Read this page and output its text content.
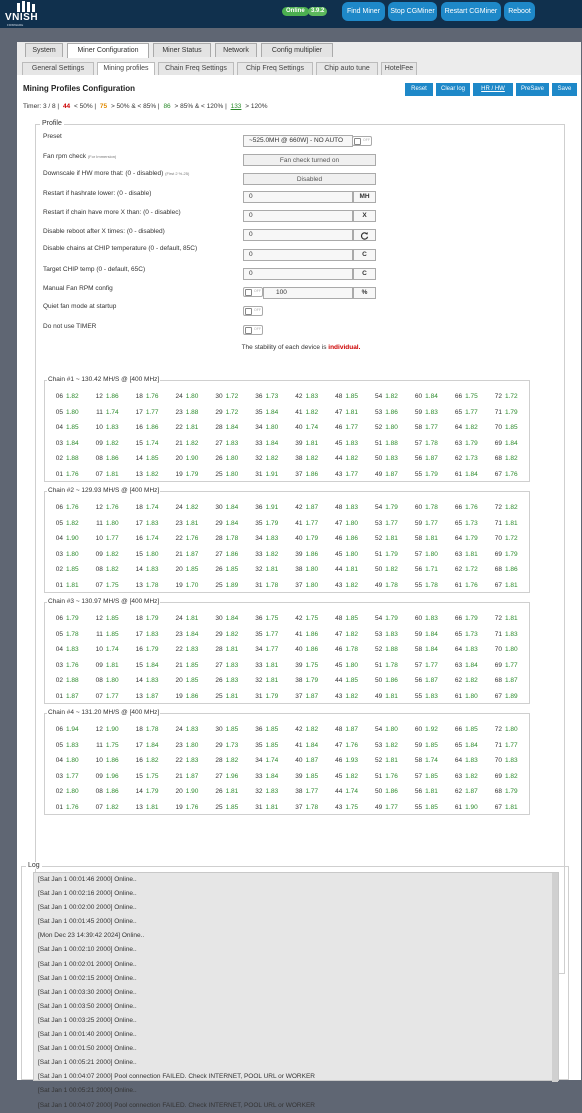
VNISH
FIRMWARE
Online	3.9.2	Find Miner	Stop CGMiner	Restart CGMiner	Reboot
System	Miner Configuration	Miner Status	Network	Config multiplier
General Settings	Mining profiles	Chain Freq Settings	Chip Freq Settings	Chip auto tune	HotelFee
Mining Profiles Configuration	Reset	Clear log	HR / HW	PreSave	Save
Timer: 3 / 8 | 44 < 50% | 75 > 50% & < 85% | 86 > 85% & < 120% | 133 > 120%
Profile
Preset
~525.0MH @ 660W] - NO AUTO	OFF
Fan rpm check (For Immersion)
Fan check turned on
Downscale if HW more that: (0 - disabled) (First 2 %-25)
Disabled
Restart if hashrate lower: (0 - disable)	0	MH
Restart if chain have more X than: (0 - disablec)	0	X
Disable reboot after X times: (0 - disabled)	0
Disable chains at CHIP temperature (0 - default, 85C)
0	C
Target CHIP temp (0 - default, 65C)
0	C
Manual Fan RPM config	OFF	100	%
Quiet fan mode at startup	OFF
Do not use TIMER	OFF
The stability of each device is individual.
Chain #1 ~ 130.42 MH/S @ [400 MHz]
06 1.82	12 1.86	18 1.76	24 1.80	30 1.72	36 1.73	42 1.83	48 1.85	54 1.82	60 1.84	66 1.75	72 1.72
05 1.80	11 1.74	17 1.77	23 1.88	29 1.72	35 1.84	41 1.82	47 1.81	53 1.86	59 1.83	65 1.77	71 1.79
04 1.85	10 1.83	16 1.86	22 1.81	28 1.84	34 1.80	40 1.74	46 1.77	52 1.80	58 1.77	64 1.82	70 1.85
03 1.84	09 1.82	15 1.74	21 1.82	27 1.83	33 1.84	39 1.81	45 1.83	51 1.88	57 1.78	63 1.79	69 1.84
02 1.88	08 1.86	14 1.85	20 1.90	26 1.80	32 1.82	38 1.82	44 1.82	50 1.83	56 1.87	62 1.73	68 1.82
01 1.76	07 1.81	13 1.82	19 1.79	25 1.80	31 1.91	37 1.86	43 1.77	49 1.87	55 1.79	61 1.84	67 1.76
Chain #2 ~ 129.93 MH/S @ [400 MHz]
06 1.76	12 1.76	18 1.74	24 1.82	30 1.84	36 1.91	42 1.87	48 1.83	54 1.79	60 1.78	66 1.76	72 1.82
05 1.82	11 1.80	17 1.83	23 1.81	29 1.84	35 1.79	41 1.77	47 1.80	53 1.77	59 1.77	65 1.73	71 1.81
04 1.90	10 1.77	16 1.74	22 1.76	28 1.78	34 1.83	40 1.79	46 1.86	52 1.81	58 1.81	64 1.79	70 1.72
03 1.80	09 1.82	15 1.80	21 1.87	27 1.86	33 1.82	39 1.86	45 1.80	51 1.79	57 1.80	63 1.81	69 1.79
02 1.85	08 1.82	14 1.83	20 1.85	26 1.85	32 1.81	38 1.80	44 1.81	50 1.82	56 1.71	62 1.72	68 1.86
01 1.81	07 1.75	13 1.78	19 1.70	25 1.89	31 1.78	37 1.80	43 1.82	49 1.78	55 1.78	61 1.76	67 1.81
Chain #3 ~ 130.97 MH/S @ [400 MHz]
06 1.79	12 1.85	18 1.79	24 1.81	30 1.84	36 1.75	42 1.75	48 1.85	54 1.79	60 1.83	66 1.79	72 1.81
05 1.78	11 1.85	17 1.83	23 1.84	29 1.82	35 1.77	41 1.86	47 1.82	53 1.83	59 1.84	65 1.73	71 1.83
04 1.83	10 1.74	16 1.79	22 1.83	28 1.81	34 1.77	40 1.86	46 1.78	52 1.88	58 1.84	64 1.83	70 1.80
03 1.76	09 1.81	15 1.84	21 1.85	27 1.83	33 1.81	39 1.75	45 1.80	51 1.78	57 1.77	63 1.84	69 1.77
02 1.88	08 1.80	14 1.83	20 1.85	26 1.83	32 1.81	38 1.79	44 1.85	50 1.86	56 1.87	62 1.82	68 1.87
01 1.87	07 1.77	13 1.87	19 1.86	25 1.81	31 1.79	37 1.87	43 1.82	49 1.81	55 1.83	61 1.80	67 1.89
Chain #4 ~ 131.20 MH/S @ [400 MHz]
06 1.94	12 1.90	18 1.78	24 1.83	30 1.85	36 1.85	42 1.82	48 1.87	54 1.80	60 1.92	66 1.85	72 1.80
05 1.83	11 1.75	17 1.84	23 1.80	29 1.73	35 1.85	41 1.84	47 1.76	53 1.82	59 1.85	65 1.84	71 1.77
04 1.80	10 1.86	16 1.82	22 1.83	28 1.82	34 1.74	40 1.87	46 1.93	52 1.81	58 1.74	64 1.83	70 1.83
03 1.77	09 1.96	15 1.75	21 1.87	27 1.96	33 1.84	39 1.85	45 1.82	51 1.76	57 1.85	63 1.82	69 1.82
02 1.80	08 1.86	14 1.79	20 1.90	26 1.81	32 1.83	38 1.77	44 1.74	50 1.86	56 1.81	62 1.87	68 1.79
01 1.76	07 1.82	13 1.81	19 1.76	25 1.85	31 1.81	37 1.78	43 1.75	49 1.77	55 1.85	61 1.90	67 1.81
Log
[Sat Jan 1 00:01:46 2000] Online..
[Sat Jan 1 00:02:16 2000] Online..
[Sat Jan 1 00:02:00 2000] Online..
[Sat Jan 1 00:01:45 2000] Online..
[Mon Dec 23 14:39:42 2024] Online..
[Sat Jan 1 00:02:10 2000] Online..
[Sat Jan 1 00:02:01 2000] Online..
[Sat Jan 1 00:02:15 2000] Online..
[Sat Jan 1 00:03:30 2000] Online..
[Sat Jan 1 00:03:50 2000] Online..
[Sat Jan 1 00:03:25 2000] Online..
[Sat Jan 1 00:01:40 2000] Online..
[Sat Jan 1 00:01:50 2000] Online..
[Sat Jan 1 00:05:21 2000] Online..
[Sat Jan 1 00:04:07 2000] Pool connection FAILED. Check INTERNET, POOL URL or WORKER
[Sat Jan 1 00:05:21 2000] Online..
[Sat Jan 1 00:04:07 2000] Pool connection FAILED. Check INTERNET, POOL URL or WORKER
